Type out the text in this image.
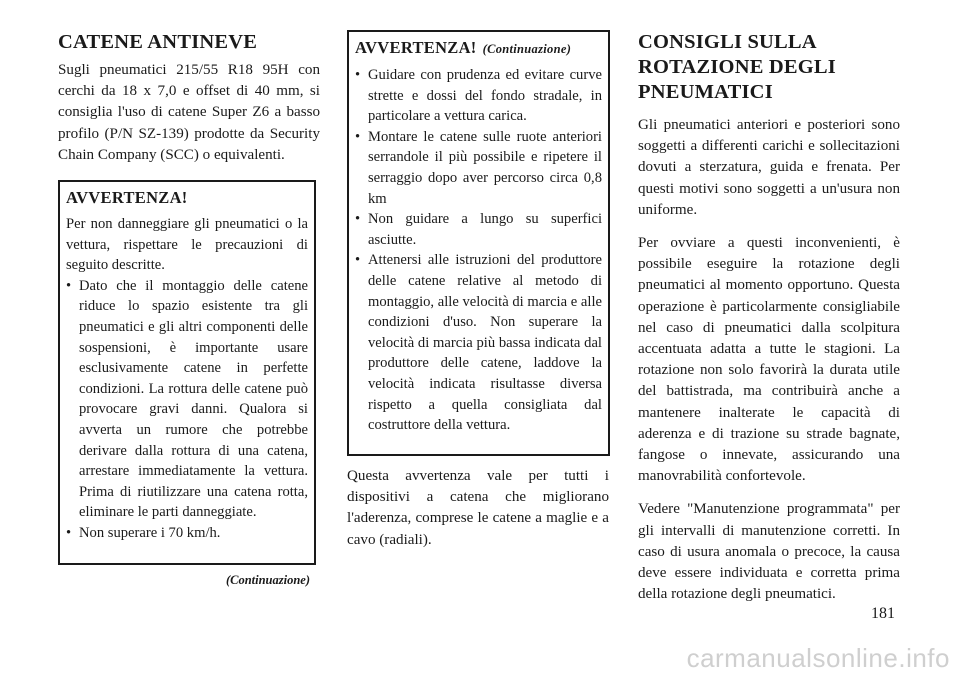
CATENE ANTINEVE

Sugli pneumatici 215/55 R18 95H con cerchi da 18 x 7,0 e offset di 40 mm, si consiglia l'uso di catene Super Z6 a basso profilo (P/N SZ-139) prodotte da Security Chain Company (SCC) o equivalenti.

AVVERTENZA!

Per non danneggiare gli pneumatici o la vettura, rispettare le precauzioni di seguito descritte.

• Dato che il montaggio delle catene riduce lo spazio esistente tra gli pneumatici e gli altri componenti delle sospensioni, è importante usare esclusivamente catene in perfette condizioni. La rottura delle catene può provocare gravi danni. Qualora si avverta un rumore che potrebbe derivare dalla rottura di una catena, arrestare immediatamente la vettura. Prima di riutilizzare una catena rotta, eliminare le parti danneggiate.
• Non superare i 70 km/h.
(Continuazione)
AVVERTENZA! (Continuazione)
• Guidare con prudenza ed evitare curve strette e dossi del fondo stradale, in particolare a vettura carica.
• Montare le catene sulle ruote anteriori serrandole il più possibile e ripetere il serraggio dopo aver percorso circa 0,8 km
• Non guidare a lungo su superfici asciutte.
• Attenersi alle istruzioni del produttore delle catene relative al metodo di montaggio, alle velocità di marcia e alle condizioni d'uso. Non superare la velocità di marcia più bassa indicata dal produttore delle catene, laddove la velocità indicata risultasse diversa rispetto a quella consigliata dal costruttore della vettura.

Questa avvertenza vale per tutti i dispositivi a catena che migliorano l'aderenza, comprese le catene a maglie e a cavo (radiali).

CONSIGLI SULLA ROTAZIONE DEGLI PNEUMATICI

Gli pneumatici anteriori e posteriori sono soggetti a differenti carichi e sollecitazioni dovuti a sterzatura, guida e frenata. Per questi motivi sono soggetti a un'usura non uniforme.

Per ovviare a questi inconvenienti, è possibile eseguire la rotazione degli pneumatici al momento opportuno. Questa operazione è particolarmente consigliabile nel caso di pneumatici dalla scolpitura accentuata adatta a tutte le stagioni. La rotazione non solo favorirà la durata utile del battistrada, ma contribuirà anche a mantenere inalterate le capacità di aderenza e di trazione su strade bagnate, fangose o innevate, assicurando una manovrabilità confortevole.

Vedere "Manutenzione programmata" per gli intervalli di manutenzione corretti. In caso di usura anomala o precoce, la causa deve essere individuata e corretta prima della rotazione degli pneumatici.

181
carmanualsonline.info
